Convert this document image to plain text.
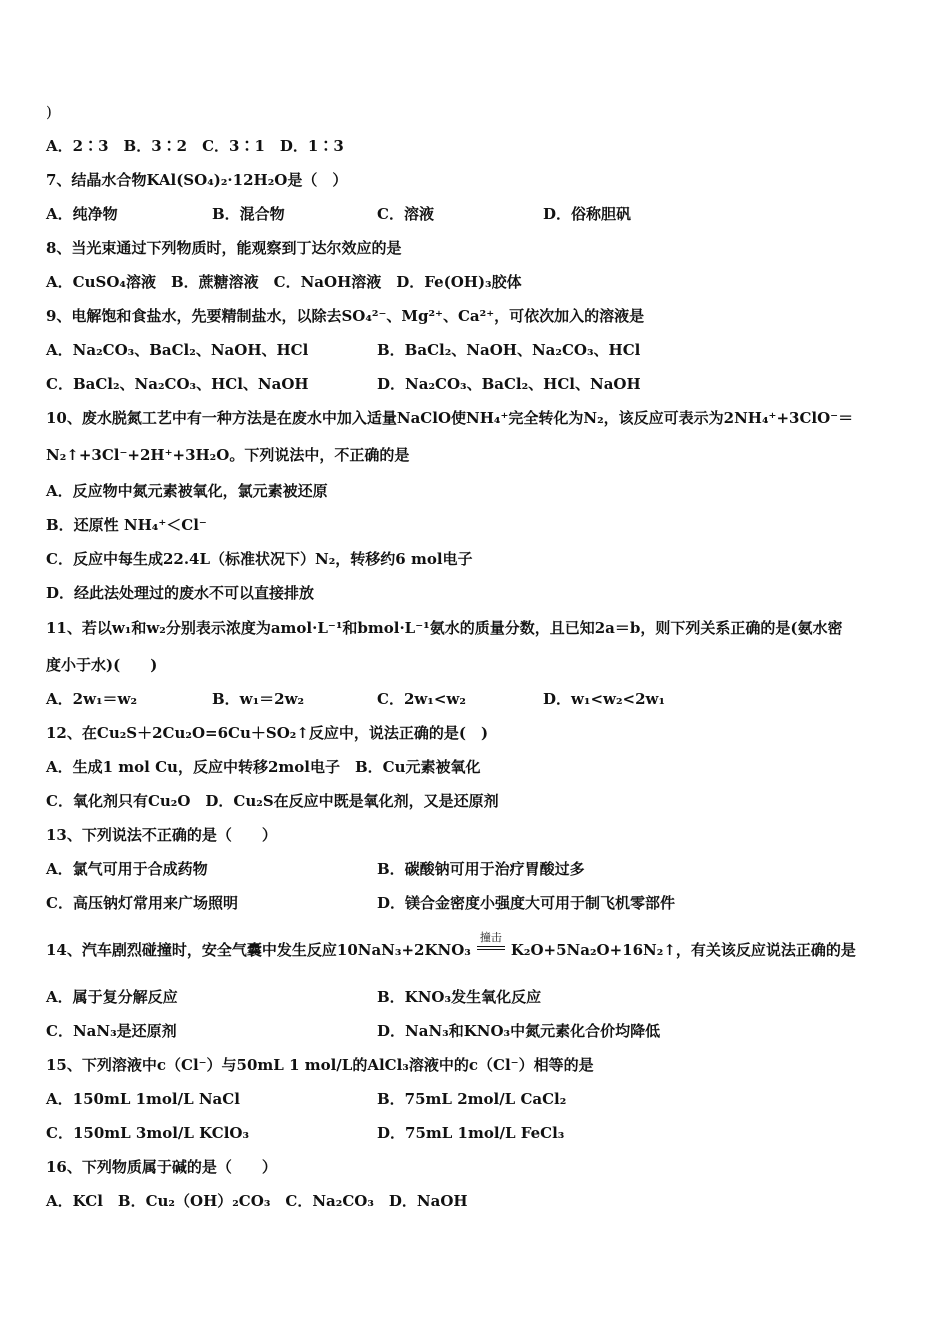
)
A．2∶3　B．3∶2　C．3∶1　D．1∶3
7、结晶水合物KAl(SO₄)₂·12H₂O是（　）
A．纯净物	B．混合物	C．溶液	D．俗称胆矾
8、当光束通过下列物质时，能观察到丁达尔效应的是
A．CuSO₄溶液　B．蔗糖溶液　C．NaOH溶液　D．Fe(OH)₃胶体
9、电解饱和食盐水，先要精制盐水，以除去SO₄²⁻、Mg²⁺、Ca²⁺，可依次加入的溶液是
A．Na₂CO₃、BaCl₂、NaOH、HCl	B．BaCl₂、NaOH、Na₂CO₃、HCl
C．BaCl₂、Na₂CO₃、HCl、NaOH	D．Na₂CO₃、BaCl₂、HCl、NaOH
10、废水脱氮工艺中有一种方法是在废水中加入适量NaClO使NH₄⁺完全转化为N₂，该反应可表示为2NH₄⁺+3ClO⁻＝
N₂↑+3Cl⁻+2H⁺+3H₂O。下列说法中，不正确的是
A．反应物中氮元素被氧化，氯元素被还原
B．还原性 NH₄⁺＜Cl⁻
C．反应中每生成22.4L（标准状况下）N₂，转移约6 mol电子
D．经此法处理过的废水不可以直接排放
11、若以w₁和w₂分别表示浓度为amol·L⁻¹和bmol·L⁻¹氨水的质量分数，且已知2a＝b，则下列关系正确的是(氨水密
度小于水)(　　)
A．2w₁＝w₂	B．w₁＝2w₂	C．2w₁<w₂	D．w₁<w₂<2w₁
12、在Cu₂S＋2Cu₂O=6Cu＋SO₂↑反应中，说法正确的是(　)
A．生成1 mol Cu，反应中转移2mol电子　B．Cu元素被氧化
C．氧化剂只有Cu₂O　D．Cu₂S在反应中既是氧化剂，又是还原剂
13、下列说法不正确的是（　　）
A．氯气可用于合成药物	B．碳酸钠可用于治疗胃酸过多
C．高压钠灯常用来广场照明	D．镁合金密度小强度大可用于制飞机零部件
14、汽车剧烈碰撞时，安全气囊中发生反应10NaN₃+2KNO₃
撞击
K₂O+5Na₂O+16N₂↑，有关该反应说法正确的是
A．属于复分解反应	B．KNO₃发生氧化反应
C．NaN₃是还原剂	D．NaN₃和KNO₃中氮元素化合价均降低
15、下列溶液中c（Cl⁻）与50mL 1 mol/L的AlCl₃溶液中的c（Cl⁻）相等的是
A．150mL 1mol/L NaCl	B．75mL 2mol/L CaCl₂
C．150mL 3mol/L KClO₃	D．75mL 1mol/L FeCl₃
16、下列物质属于碱的是（　　）
A．KCl　B．Cu₂（OH）₂CO₃　C．Na₂CO₃　D．NaOH
